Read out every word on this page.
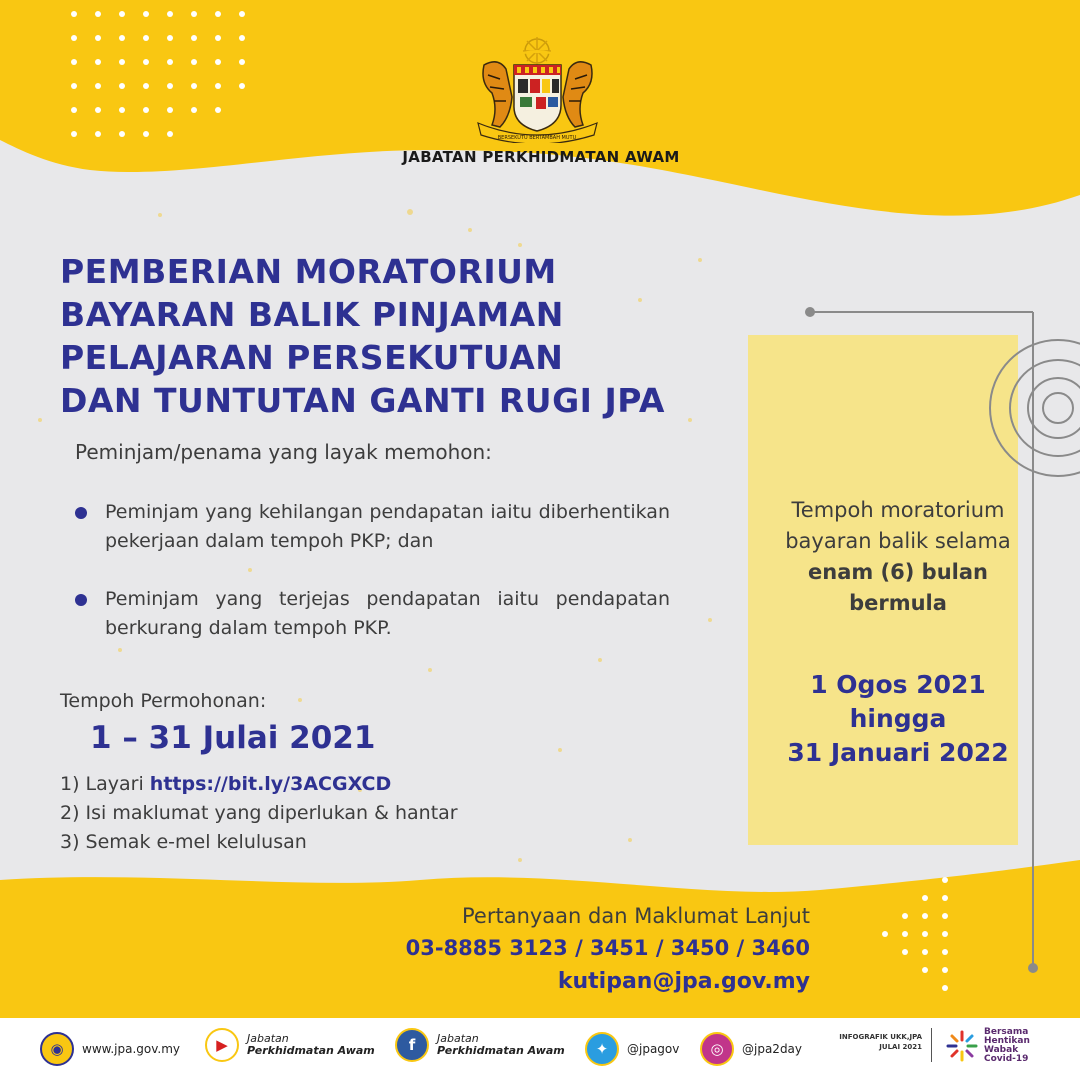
BERSEKUTU BERTAMBAH MUTU
JABATAN PERKHIDMATAN AWAM
PEMBERIAN MORATORIUM
BAYARAN BALIK PINJAMAN
PELAJARAN PERSEKUTUAN
DAN TUNTUTAN GANTI RUGI JPA
Peminjam/penama yang layak memohon:
Peminjam yang kehilangan pendapatan iaitu diberhentikan pekerjaan dalam tempoh PKP; dan
Peminjam yang terjejas pendapatan iaitu pendapatan berkurang dalam tempoh PKP.
Tempoh Permohonan:
1 – 31 Julai 2021
1) Layari https://bit.ly/3ACGXCD
2) Isi maklumat yang diperlukan & hantar
3) Semak e-mel kelulusan
Tempoh moratorium
bayaran balik selama
enam (6) bulan
bermula
1 Ogos 2021
hingga
31 Januari 2022
Pertanyaan dan Maklumat Lanjut
03-8885 3123 / 3451 / 3450 / 3460
kutipan@jpa.gov.my
◉	www.jpa.gov.my	▶	Jabatan
Perkhidmatan Awam	f	Jabatan
Perkhidmatan Awam	✦	@jpagov	◎	@jpa2day
INFOGRAFIK UKK,JPA
JULAI 2021
Bersama
Hentikan
Wabak
Covid-19
